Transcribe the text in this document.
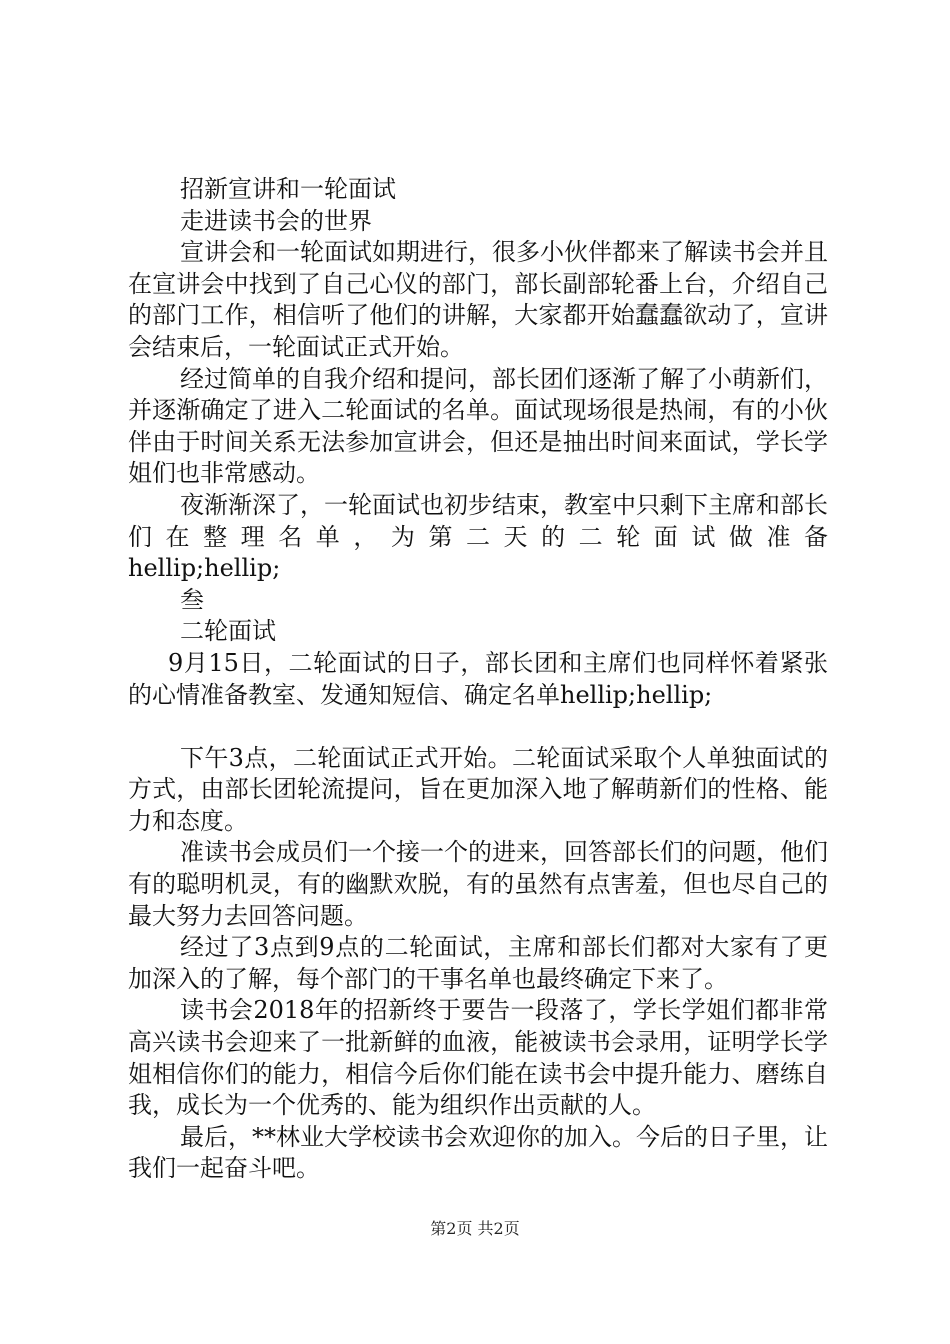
招新宣讲和一轮面试

走进读书会的世界

宣讲会和一轮面试如期进行，很多小伙伴都来了解读书会并且在宣讲会中找到了自己心仪的部门，部长副部轮番上台，介绍自己的部门工作，相信听了他们的讲解，大家都开始蠢蠢欲动了，宣讲会结束后，一轮面试正式开始。

经过简单的自我介绍和提问，部长团们逐渐了解了小萌新们，并逐渐确定了进入二轮面试的名单。面试现场很是热闹，有的小伙伴由于时间关系无法参加宣讲会，但还是抽出时间来面试，学长学姐们也非常感动。

夜渐渐深了，一轮面试也初步结束，教室中只剩下主席和部长们在整理名单，为第二天的二轮面试做准备

hellip;hellip;

叁

二轮面试

9月15日，二轮面试的日子，部长团和主席们也同样怀着紧张的心情准备教室、发通知短信、确定名单hellip;hellip;

下午3点，二轮面试正式开始。二轮面试采取个人单独面试的方式，由部长团轮流提问，旨在更加深入地了解萌新们的性格、能力和态度。

准读书会成员们一个接一个的进来，回答部长们的问题，他们有的聪明机灵，有的幽默欢脱，有的虽然有点害羞，但也尽自己的最大努力去回答问题。

经过了3点到9点的二轮面试，主席和部长们都对大家有了更加深入的了解，每个部门的干事名单也最终确定下来了。

读书会2018年的招新终于要告一段落了，学长学姐们都非常高兴读书会迎来了一批新鲜的血液，能被读书会录用，证明学长学姐相信你们的能力，相信今后你们能在读书会中提升能力、磨练自我，成长为一个优秀的、能为组织作出贡献的人。

最后，**林业大学校读书会欢迎你的加入。今后的日子里，让我们一起奋斗吧。

第2页 共2页
